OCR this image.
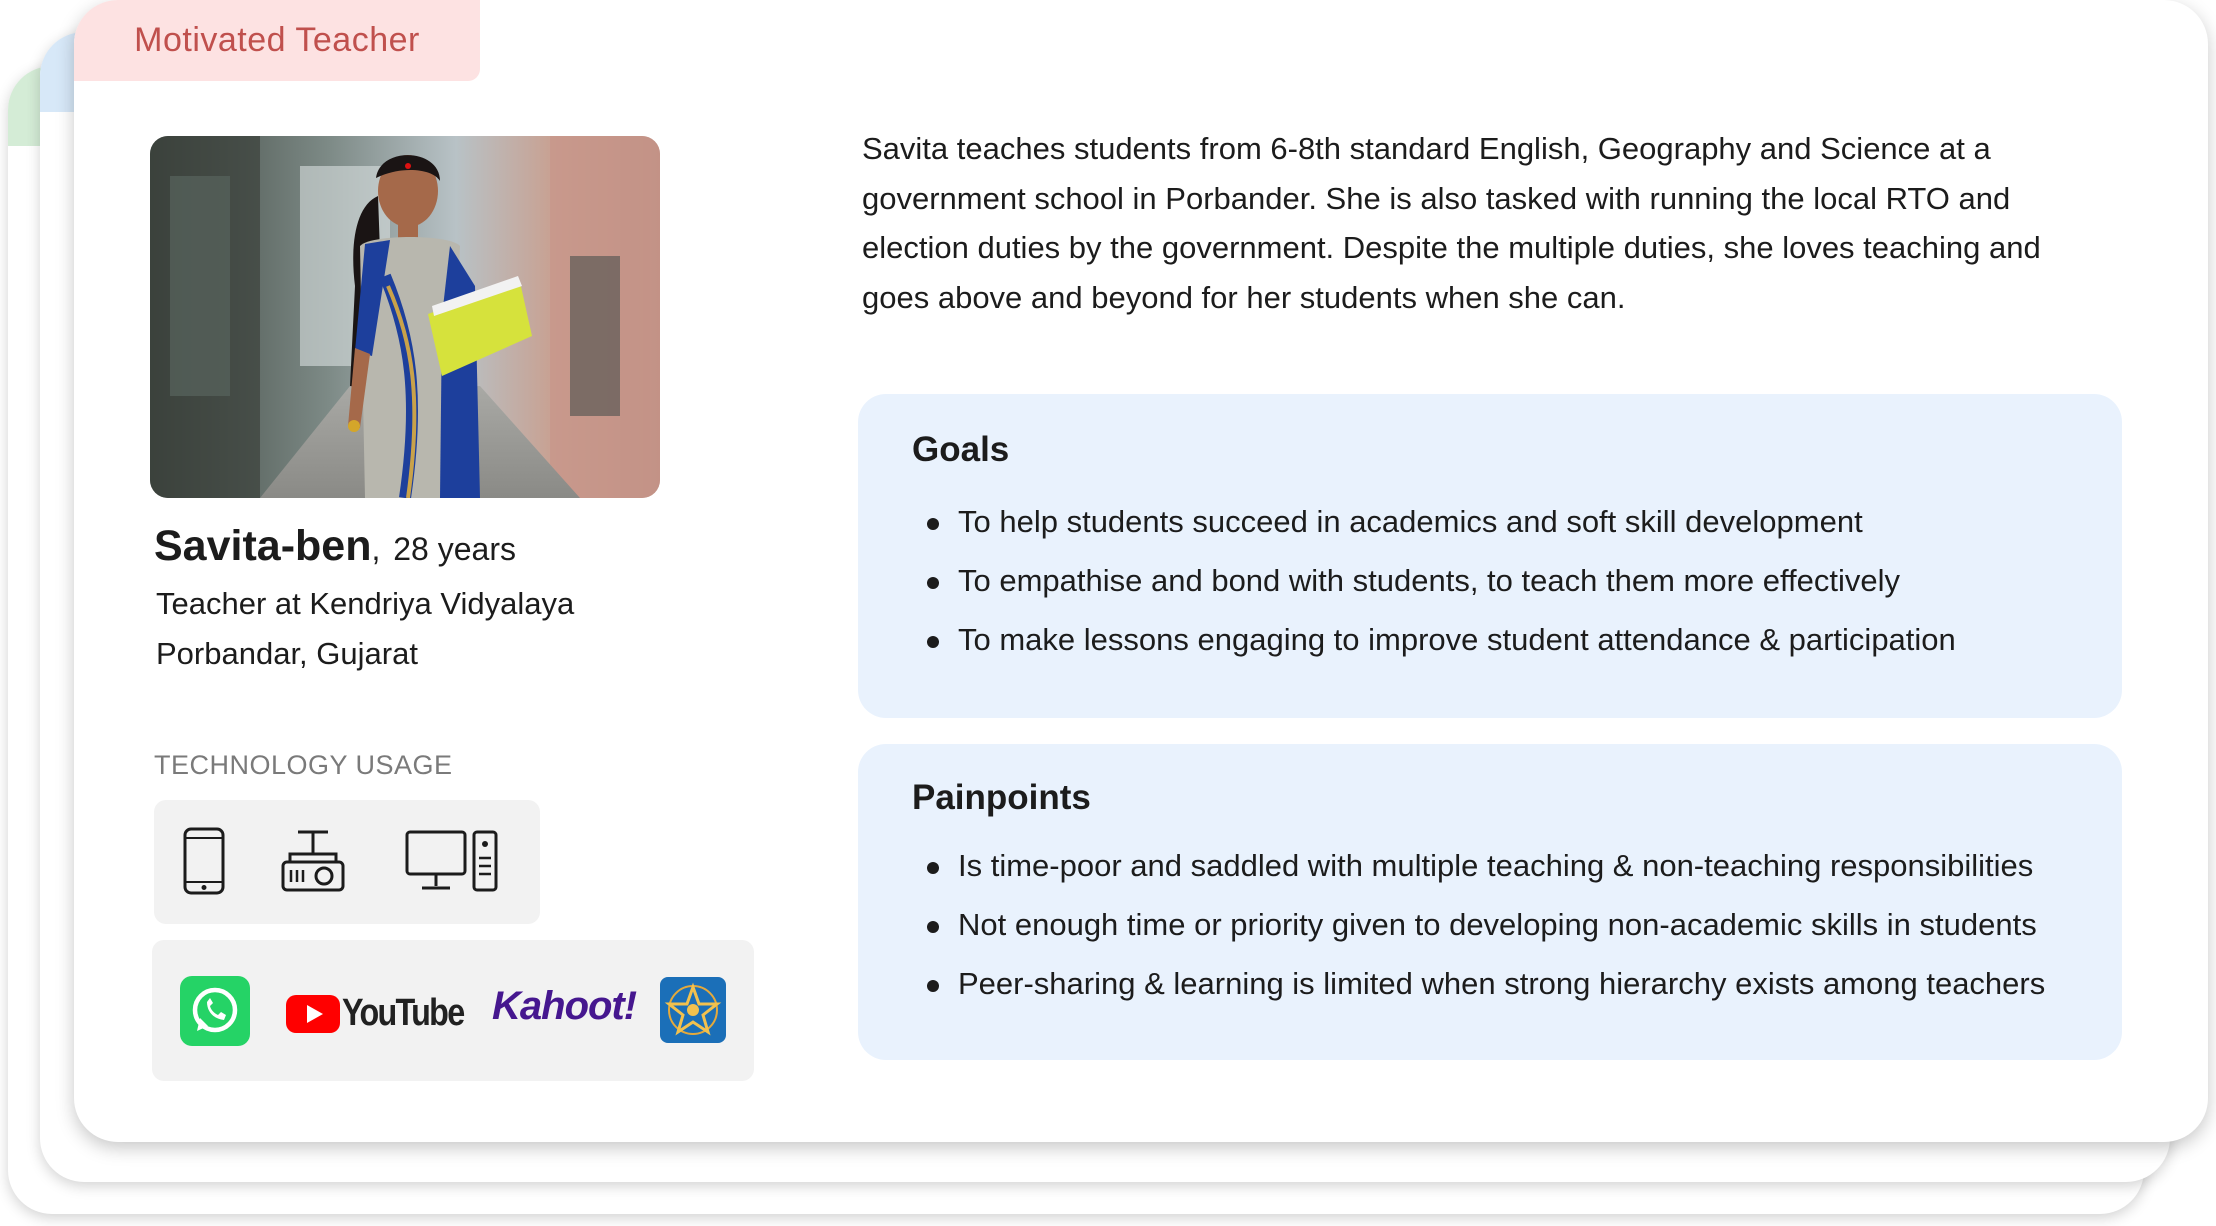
Motivated Teacher
Savita-ben, 28 years
Teacher at Kendriya Vidyalaya
Porbandar, Gujarat
TECHNOLOGY USAGE
YouTube Kahoot!
Savita teaches students from 6-8th standard English, Geography and Science at a government school in Porbander. She is also tasked with running the local RTO and election duties by the government. Despite the multiple duties, she loves teaching and goes above and beyond for her students when she can.
Goals
To help students succeed in academics and soft skill development
To empathise and bond with students, to teach them more effectively
To make lessons engaging to improve student attendance & participation
Painpoints
Is time-poor and saddled with multiple teaching & non-teaching responsibilities
Not enough time or priority given to developing non-academic skills in students
Peer-sharing & learning is limited when strong hierarchy exists among teachers
